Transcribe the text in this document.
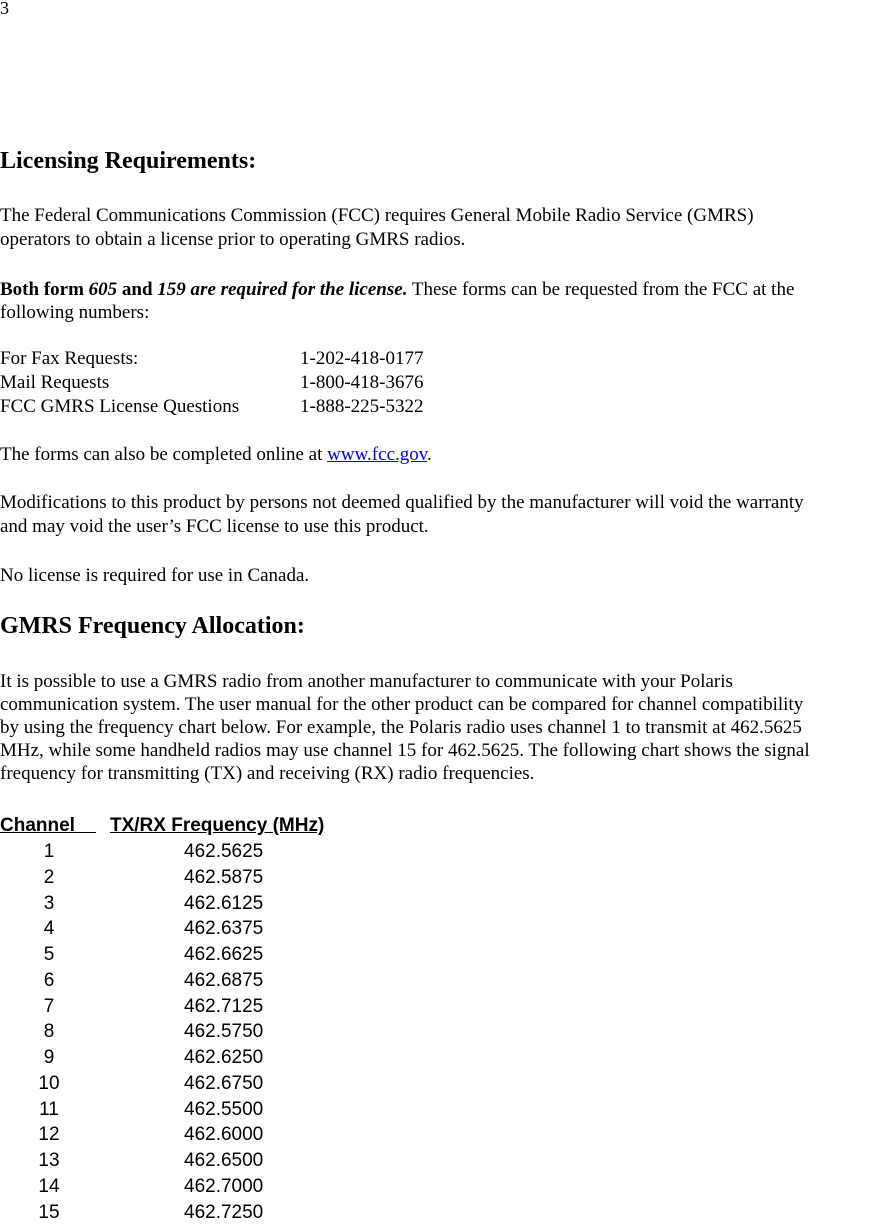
3
Licensing Requirements:
The Federal Communications Commission (FCC) requires General Mobile Radio Service (GMRS)
operators to obtain a license prior to operating GMRS radios.
Both form 605 and 159 are required for the license. These forms can be requested from the FCC at the
following numbers:
For Fax Requests:	1-202-418-0177
Mail Requests	1-800-418-3676
FCC GMRS License Questions	1-888-225-5322
The forms can also be completed online at www.fcc.gov.
Modifications to this product by persons not deemed qualified by the manufacturer will void the warranty
and may void the user’s FCC license to use this product.
No license is required for use in Canada.
GMRS Frequency Allocation:
It is possible to use a GMRS radio from another manufacturer to communicate with your Polaris
communication system. The user manual for the other product can be compared for channel compatibility
by using the frequency chart below. For example, the Polaris radio uses channel 1 to transmit at 462.5625
MHz, while some handheld radios may use channel 15 for 462.5625. The following chart shows the signal
frequency for transmitting (TX) and receiving (RX) radio frequencies.
Channel	TX/RX Frequency (MHz)
1	462.5625
2	462.5875
3	462.6125
4	462.6375
5	462.6625
6	462.6875
7	462.7125
8	462.5750
9	462.6250
10	462.6750
11	462.5500
12	462.6000
13	462.6500
14	462.7000
15	462.7250
